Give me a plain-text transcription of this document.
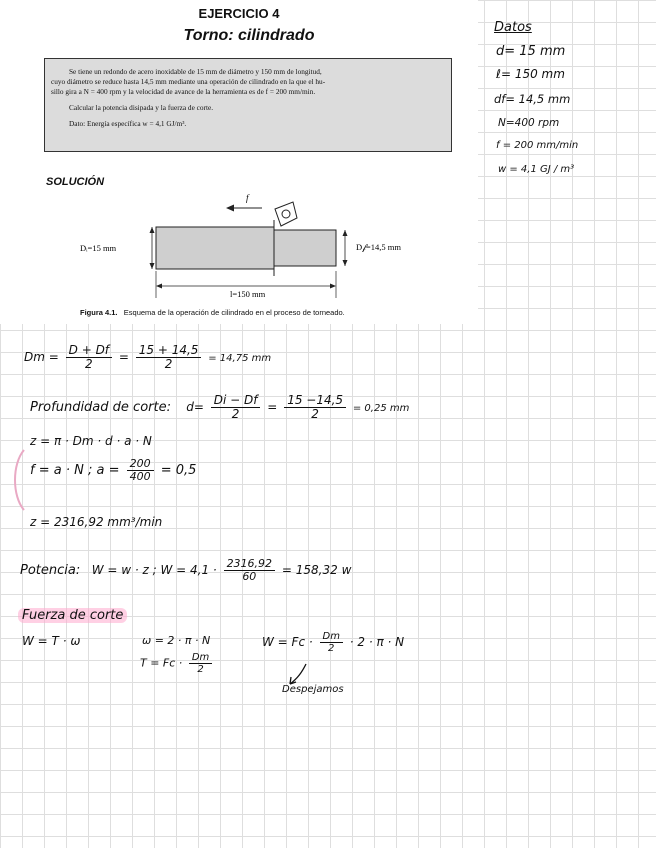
EJERCICIO 4
Torno: cilindrado
Se tiene un redondo de acero inoxidable de 15 mm de diámetro y 150 mm de longitud,
cuyo diámetro se reduce hasta 14,5 mm mediante una operación de cilindrado en la que el hu-
sillo gira a N = 400 rpm y la velocidad de avance de la herramienta es de f = 200 mm/min.
Calcular la potencia disipada y la fuerza de corte.
Dato: Energía específica w = 4,1 GJ/m³.
SOLUCIÓN
f
Dᵢ=15 mm	D𝒻=14,5 mm
l=150 mm
Figura 4.1. Esquema de la operación de cilindrado en el proceso de torneado.
Datos
d= 15 mm
ℓ= 150 mm
df= 14,5 mm
N=400 rpm
f = 200 mm/min
w = 4,1 GJ / m³
$Dm = \frac{D + Df}{2} = \frac{15 + 14,5}{2} = 14,75$ mm
Profundidad de corte: $d= \frac{Di - Df}{2} = \frac{15 -14,5}{2} = 0,25$ mm
z = π · Dm · d · a · N
f = a · N ; $a = \frac{200}{400} = 0,5$
z = 2316,92 mm³/min
Potencia: W = w · z ; $W = 4,1 \cdot \frac{2316,92}{60} = 158,32$ w
Fuerza de corte
W = T · ω	ω = 2 · π · N
$T = Fc \cdot \frac{Dm}{2}$
$W = Fc \cdot \frac{Dm}{2} \cdot 2 \cdot \pi \cdot N$
Despejamos
